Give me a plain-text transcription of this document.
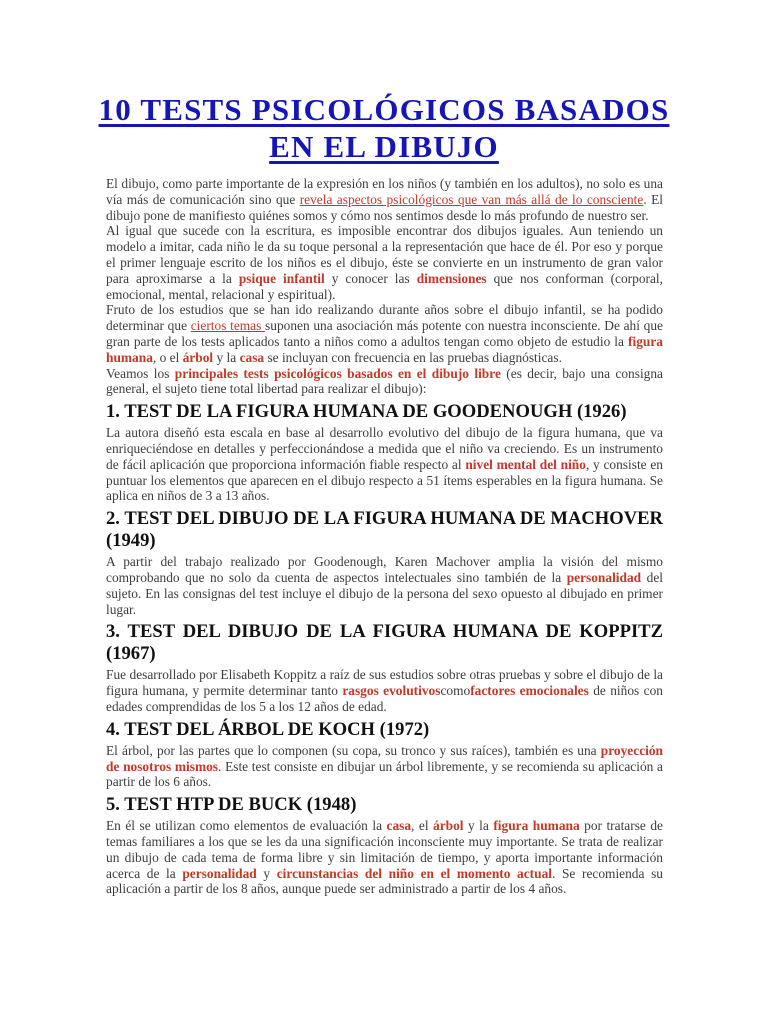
10 TESTS PSICOLÓGICOS BASADOS
EN EL DIBUJO

El dibujo, como parte importante de la expresión en los niños (y también en los adultos), no solo es una vía más de comunicación sino que revela aspectos psicológicos que van más allá de lo consciente. El dibujo pone de manifiesto quiénes somos y cómo nos sentimos desde lo más profundo de nuestro ser.

Al igual que sucede con la escritura, es imposible encontrar dos dibujos iguales. Aun teniendo un modelo a imitar, cada niño le da su toque personal a la representación que hace de él. Por eso y porque el primer lenguaje escrito de los niños es el dibujo, éste se convierte en un instrumento de gran valor para aproximarse a la psique infantil y conocer las dimensiones que nos conforman (corporal, emocional, mental, relacional y espiritual).

Fruto de los estudios que se han ido realizando durante años sobre el dibujo infantil, se ha podido determinar que ciertos temas suponen una asociación más potente con nuestra inconsciente. De ahí que gran parte de los tests aplicados tanto a niños como a adultos tengan como objeto de estudio la figura humana, o el árbol y la casa se incluyan con frecuencia en las pruebas diagnósticas.

Veamos los principales tests psicológicos basados en el dibujo libre (es decir, bajo una consigna general, el sujeto tiene total libertad para realizar el dibujo):

1. TEST DE LA FIGURA HUMANA DE GOODENOUGH (1926)

La autora diseñó esta escala en base al desarrollo evolutivo del dibujo de la figura humana, que va enriqueciéndose en detalles y perfeccionándose a medida que el niño va creciendo. Es un instrumento de fácil aplicación que proporciona información fiable respecto al nivel mental del niño, y consiste en puntuar los elementos que aparecen en el dibujo respecto a 51 ítems esperables en la figura humana. Se aplica en niños de 3 a 13 años.

2. TEST DEL DIBUJO DE LA FIGURA HUMANA DE MACHOVER (1949)

A partir del trabajo realizado por Goodenough, Karen Machover amplia la visión del mismo comprobando que no solo da cuenta de aspectos intelectuales sino también de la personalidad del sujeto. En las consignas del test incluye el dibujo de la persona del sexo opuesto al dibujado en primer lugar.

3. TEST DEL DIBUJO DE LA FIGURA HUMANA DE KOPPITZ (1967)

Fue desarrollado por Elisabeth Koppitz a raíz de sus estudios sobre otras pruebas y sobre el dibujo de la figura humana, y permite determinar tanto rasgos evolutivoscomofactores emocionales de niños con edades comprendidas de los 5 a los 12 años de edad.

4. TEST DEL ÁRBOL DE KOCH (1972)

El árbol, por las partes que lo componen (su copa, su tronco y sus raíces), también es una proyección de nosotros mismos. Este test consiste en dibujar un árbol libremente, y se recomienda su aplicación a partir de los 6 años.

5. TEST HTP DE BUCK (1948)

En él se utilizan como elementos de evaluación la casa, el árbol y la figura humana por tratarse de temas familiares a los que se les da una significación inconsciente muy importante. Se trata de realizar un dibujo de cada tema de forma libre y sin limitación de tiempo, y aporta importante información acerca de la personalidad y circunstancias del niño en el momento actual. Se recomienda su aplicación a partir de los 8 años, aunque puede ser administrado a partir de los 4 años.
